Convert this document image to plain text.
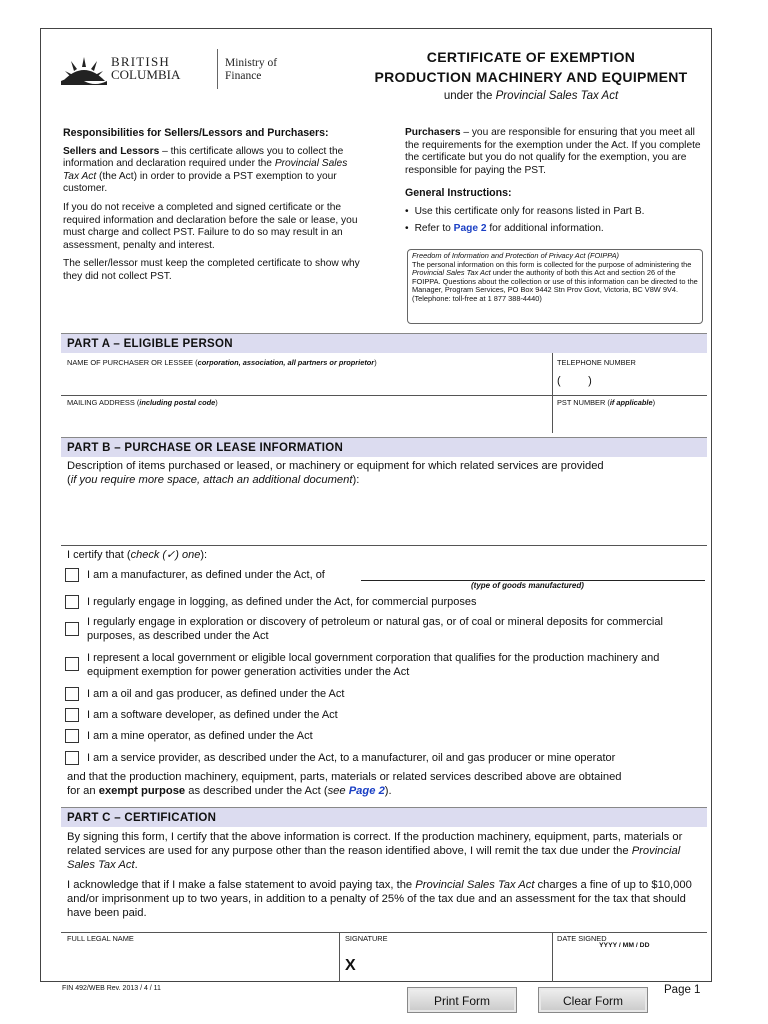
BRITISH
COLUMBIA
Ministry of
Finance
CERTIFICATE OF EXEMPTION
PRODUCTION MACHINERY AND EQUIPMENT
under the Provincial Sales Tax Act
Responsibilities for Sellers/Lessors and Purchasers:

Sellers and Lessors – this certificate allows you to collect the information and declaration required under the Provincial Sales Tax Act (the Act) in order to provide a PST exemption to your customer.

If you do not receive a completed and signed certificate or the required information and declaration before the sale or lease, you must charge and collect PST. Failure to do so may result in an assessment, penalty and interest.

The seller/lessor must keep the completed certificate to show why they did not collect PST.

Purchasers – you are responsible for ensuring that you meet all the requirements for the exemption under the Act. If you complete the certificate but you do not qualify for the exemption, you are responsible for paying the PST.

General Instructions:
• Use this certificate only for reasons listed in Part B.
• Refer to Page 2 for additional information.
Freedom of Information and Protection of Privacy Act (FOIPPA)
The personal information on this form is collected for the purpose of administering the Provincial Sales Tax Act under the authority of both this Act and section 26 of the FOIPPA. Questions about the collection or use of this information can be directed to the Manager, Program Services, PO Box 9442 Stn Prov Govt, Victoria, BC V8W 9V4.
(Telephone: toll-free at 1 877 388-4440)
PART A – ELIGIBLE PERSON
NAME OF PURCHASER OR LESSEE (corporation, association, all partners or proprietor)	TELEPHONE NUMBER
(         )
MAILING ADDRESS (including postal code)	PST NUMBER (if applicable)
PART B – PURCHASE OR LEASE INFORMATION
Description of items purchased or leased, or machinery or equipment for which related services are provided
(if you require more space, attach an additional document):
I certify that (check (✓) one):
I am a manufacturer, as defined under the Act, of
(type of goods manufactured)
I regularly engage in logging, as defined under the Act, for commercial purposes
I regularly engage in exploration or discovery of petroleum or natural gas, or of coal or mineral deposits for commercial purposes, as described under the Act
I represent a local government or eligible local government corporation that qualifies for the production machinery and equipment exemption for power generation activities under the Act
I am a oil and gas producer, as defined under the Act
I am a software developer, as defined under the Act
I am a mine operator, as defined under the Act
I am a service provider, as described under the Act, to a manufacturer, oil and gas producer or mine operator
and that the production machinery, equipment, parts, materials or related services described above are obtained
for an exempt purpose as described under the Act (see Page 2).
PART C – CERTIFICATION

By signing this form, I certify that the above information is correct. If the production machinery, equipment, parts, materials or related services are used for any purpose other than the reason identified above, I will remit the tax due under the Provincial Sales Tax Act.

I acknowledge that if I make a false statement to avoid paying tax, the Provincial Sales Tax Act charges a fine of up to $10,000 and/or imprisonment up to two years, in addition to a penalty of 25% of the tax due and an assessment for the tax that should have been paid.

FULL LEGAL NAME	SIGNATURE
X
DATE SIGNED
YYYY / MM / DD
FIN 492/WEB Rev. 2013 / 4 / 11	Page 1
Print Form	Clear Form
